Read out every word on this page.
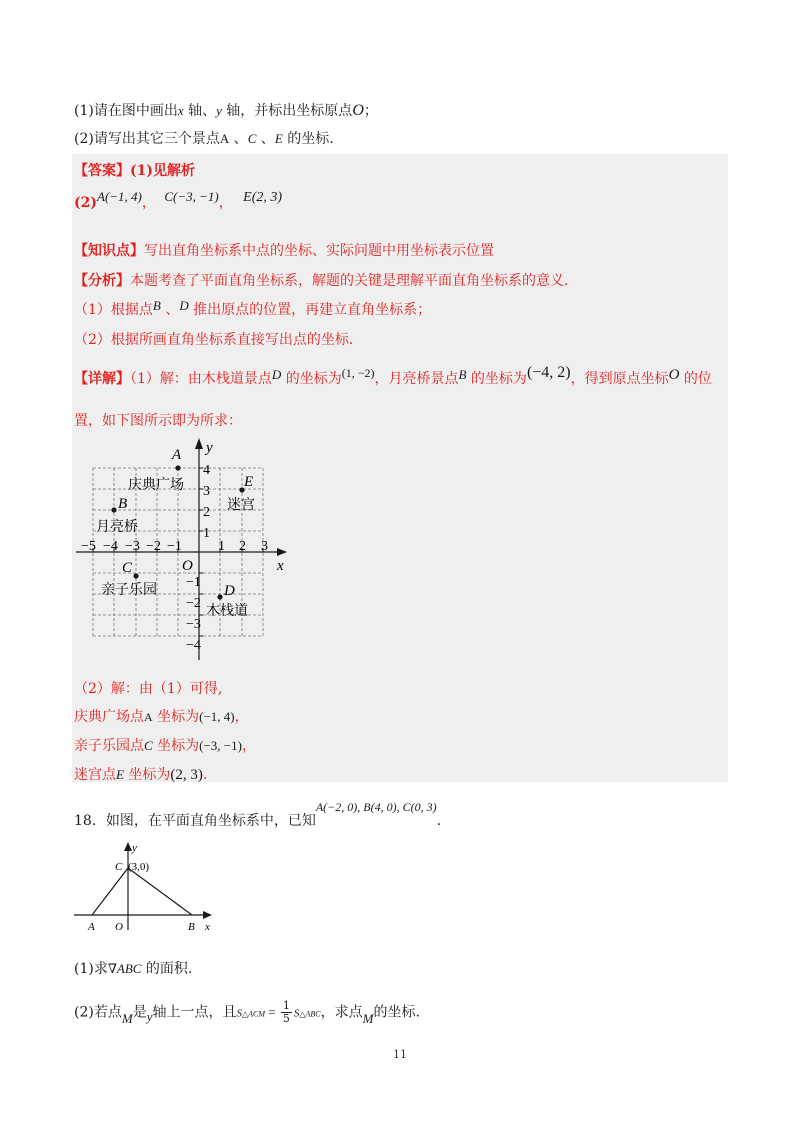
(1)请在图中画出x 轴、y 轴，并标出坐标原点O；
(2)请写出其它三个景点A 、C 、E 的坐标.
【答案】(1)见解析
(2)A(−1, 4)， C(−3, −1)， E(2, 3)
【知识点】写出直角坐标系中点的坐标、实际问题中用坐标表示位置
【分析】本题考查了平面直角坐标系，解题的关键是理解平面直角坐标系的意义.
（1）根据点B 、D 推出原点的位置，再建立直角坐标系；
（2）根据所画直角坐标系直接写出点的坐标.
【详解】（1）解：由木栈道景点D 的坐标为(1, −2)，月亮桥景点B 的坐标为(−4, 2)，得到原点坐标O 的位
置，如下图所示即为所求：
y
x
O
−5 −4 −3 −2 −1	1 2 3
4
3
2
1
−1
−2
−3
−4
A
庆典广场
B
月亮桥
C
亲子乐园	D
木栈道
E
迷宫
（2）解：由（1）可得,
庆典广场点A 坐标为(−1, 4)，
亲子乐园点C 坐标为(−3, −1)，
迷宫点E 坐标为(2, 3).
18．如图，在平面直角坐标系中，已知A(−2, 0), B(4, 0), C(0, 3).
y
C (3,0)
A O	B x
(1)求∇ABC 的面积.
(2)若点M是y轴上一点，且S△ACM = $\frac{1}{5}$ S△ABC，求点M的坐标.
11
